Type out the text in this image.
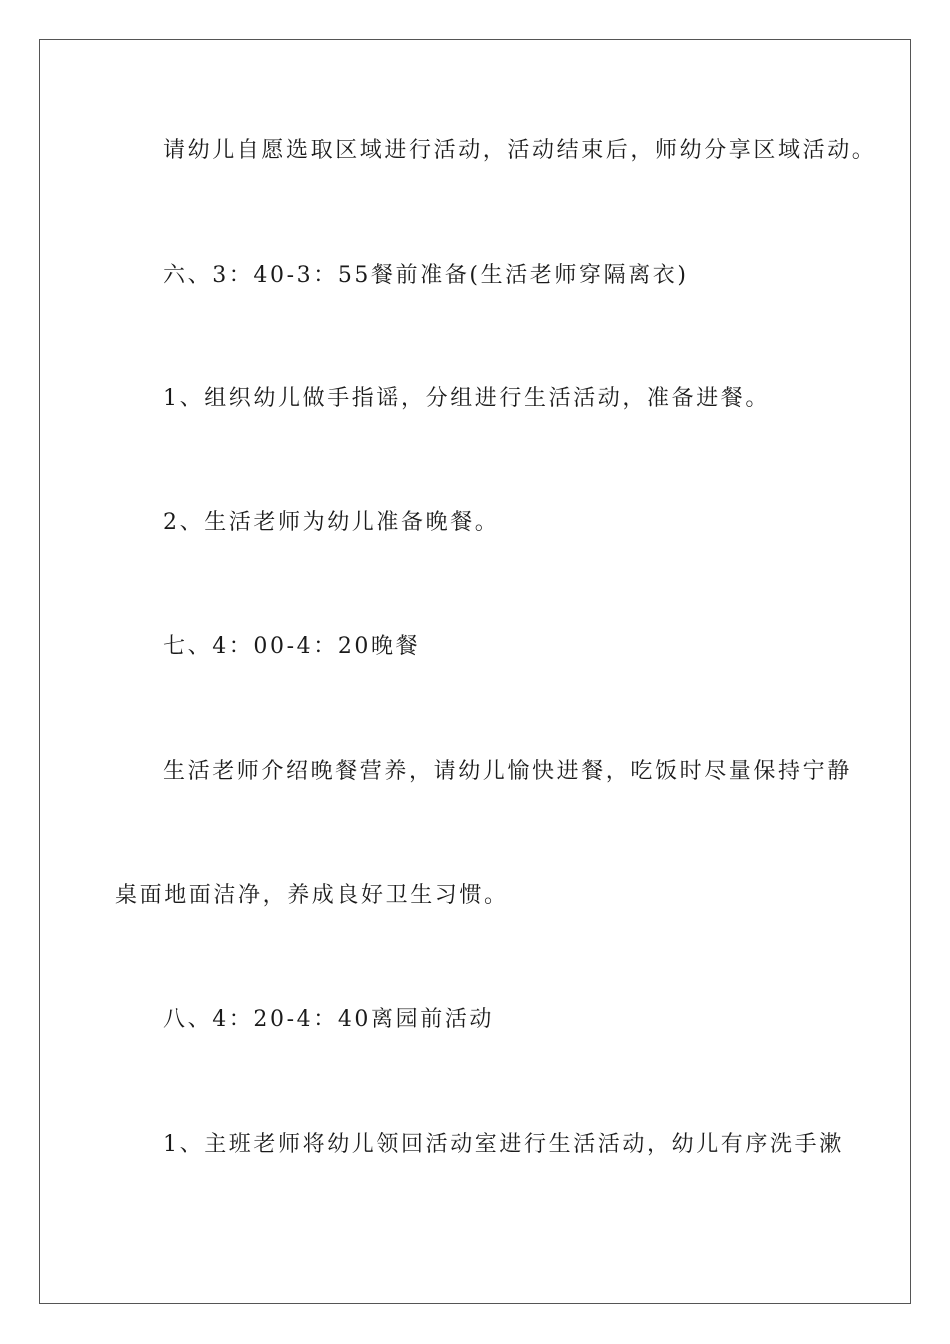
请幼儿自愿选取区域进行活动，活动结束后，师幼分享区域活动。
六、3：40-3：55餐前准备(生活老师穿隔离衣)
1、组织幼儿做手指谣，分组进行生活活动，准备进餐。
2、生活老师为幼儿准备晚餐。
七、4：00-4：20晚餐
生活老师介绍晚餐营养，请幼儿愉快进餐，吃饭时尽量保持宁静
桌面地面洁净，养成良好卫生习惯。
八、4：20-4：40离园前活动
1、主班老师将幼儿领回活动室进行生活活动，幼儿有序洗手漱
